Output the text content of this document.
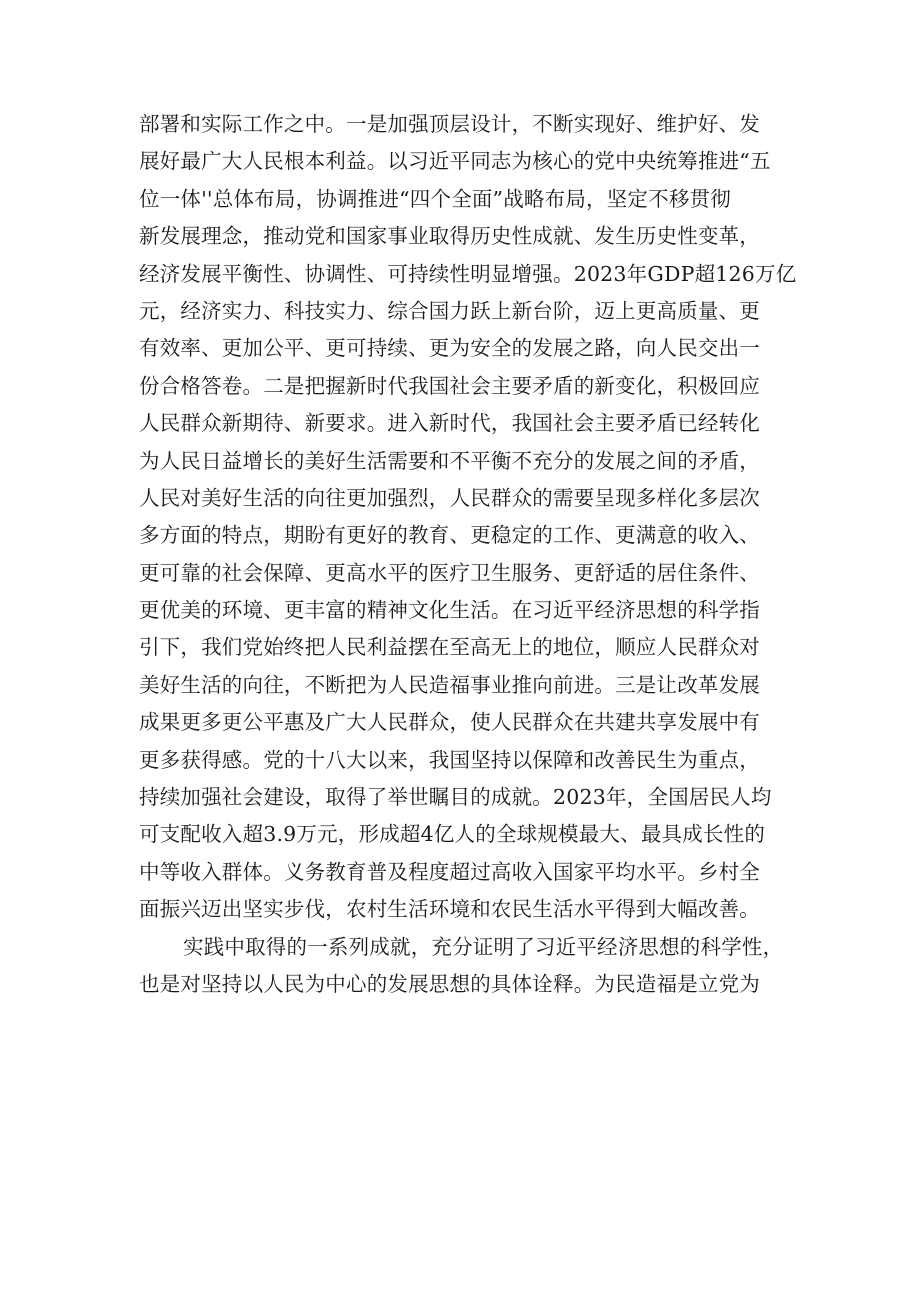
部署和实际工作之中。一是加强顶层设计，不断实现好、维护好、发
展好最广大人民根本利益。以习近平同志为核心的党中央统筹推进“五
位一体''总体布局，协调推进“四个全面”战略布局，坚定不移贯彻
新发展理念，推动党和国家事业取得历史性成就、发生历史性变革，
经济发展平衡性、协调性、可持续性明显增强。2023年GDP超126万亿
元，经济实力、科技实力、综合国力跃上新台阶，迈上更高质量、更
有效率、更加公平、更可持续、更为安全的发展之路，向人民交出一
份合格答卷。二是把握新时代我国社会主要矛盾的新变化，积极回应
人民群众新期待、新要求。进入新时代，我国社会主要矛盾已经转化
为人民日益增长的美好生活需要和不平衡不充分的发展之间的矛盾，
人民对美好生活的向往更加强烈，人民群众的需要呈现多样化多层次
多方面的特点，期盼有更好的教育、更稳定的工作、更满意的收入、
更可靠的社会保障、更高水平的医疗卫生服务、更舒适的居住条件、
更优美的环境、更丰富的精神文化生活。在习近平经济思想的科学指
引下，我们党始终把人民利益摆在至高无上的地位，顺应人民群众对
美好生活的向往，不断把为人民造福事业推向前进。三是让改革发展
成果更多更公平惠及广大人民群众，使人民群众在共建共享发展中有
更多获得感。党的十八大以来，我国坚持以保障和改善民生为重点，
持续加强社会建设，取得了举世瞩目的成就。2023年，全国居民人均
可支配收入超3.9万元，形成超4亿人的全球规模最大、最具成长性的
中等收入群体。义务教育普及程度超过高收入国家平均水平。乡村全
面振兴迈出坚实步伐，农村生活环境和农民生活水平得到大幅改善。
实践中取得的一系列成就，充分证明了习近平经济思想的科学性，
也是对坚持以人民为中心的发展思想的具体诠释。为民造福是立党为
